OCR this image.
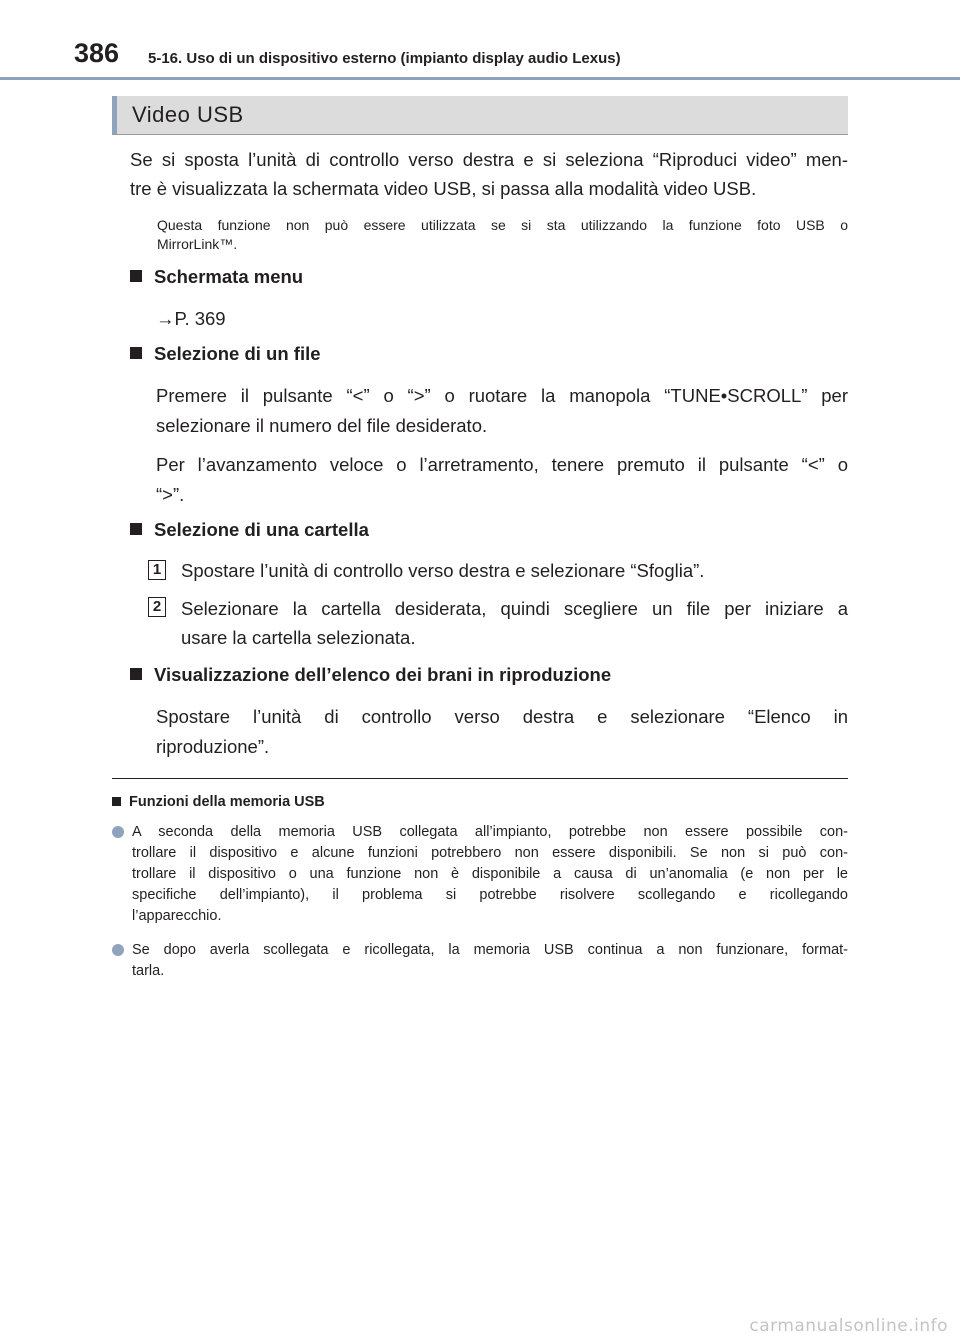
386 5-16. Uso di un dispositivo esterno (impianto display audio Lexus)
Video USB
Se si sposta l’unità di controllo verso destra e si seleziona “Riproduci video” men-
tre è visualizzata la schermata video USB, si passa alla modalità video USB.
Questa funzione non può essere utilizzata se si sta utilizzando la funzione foto USB o
MirrorLink™.
Schermata menu
→P. 369
Selezione di un file
Premere il pulsante “<” o “>” o ruotare la manopola “TUNE•SCROLL” per
selezionare il numero del file desiderato.
Per l’avanzamento veloce o l’arretramento, tenere premuto il pulsante “<” o
“>”.
Selezione di una cartella
1 Spostare l’unità di controllo verso destra e selezionare “Sfoglia”.
2 Selezionare la cartella desiderata, quindi scegliere un file per iniziare a
usare la cartella selezionata.
Visualizzazione dell’elenco dei brani in riproduzione
Spostare l’unità di controllo verso destra e selezionare “Elenco in
riproduzione”.
Funzioni della memoria USB
A seconda della memoria USB collegata all’impianto, potrebbe non essere possibile con-
trollare il dispositivo e alcune funzioni potrebbero non essere disponibili. Se non si può con-
trollare il dispositivo o una funzione non è disponibile a causa di un’anomalia (e non per le
specifiche dell’impianto), il problema si potrebbe risolvere scollegando e ricollegando
l’apparecchio.
Se dopo averla scollegata e ricollegata, la memoria USB continua a non funzionare, format-
tarla.
carmanualsonline.info
